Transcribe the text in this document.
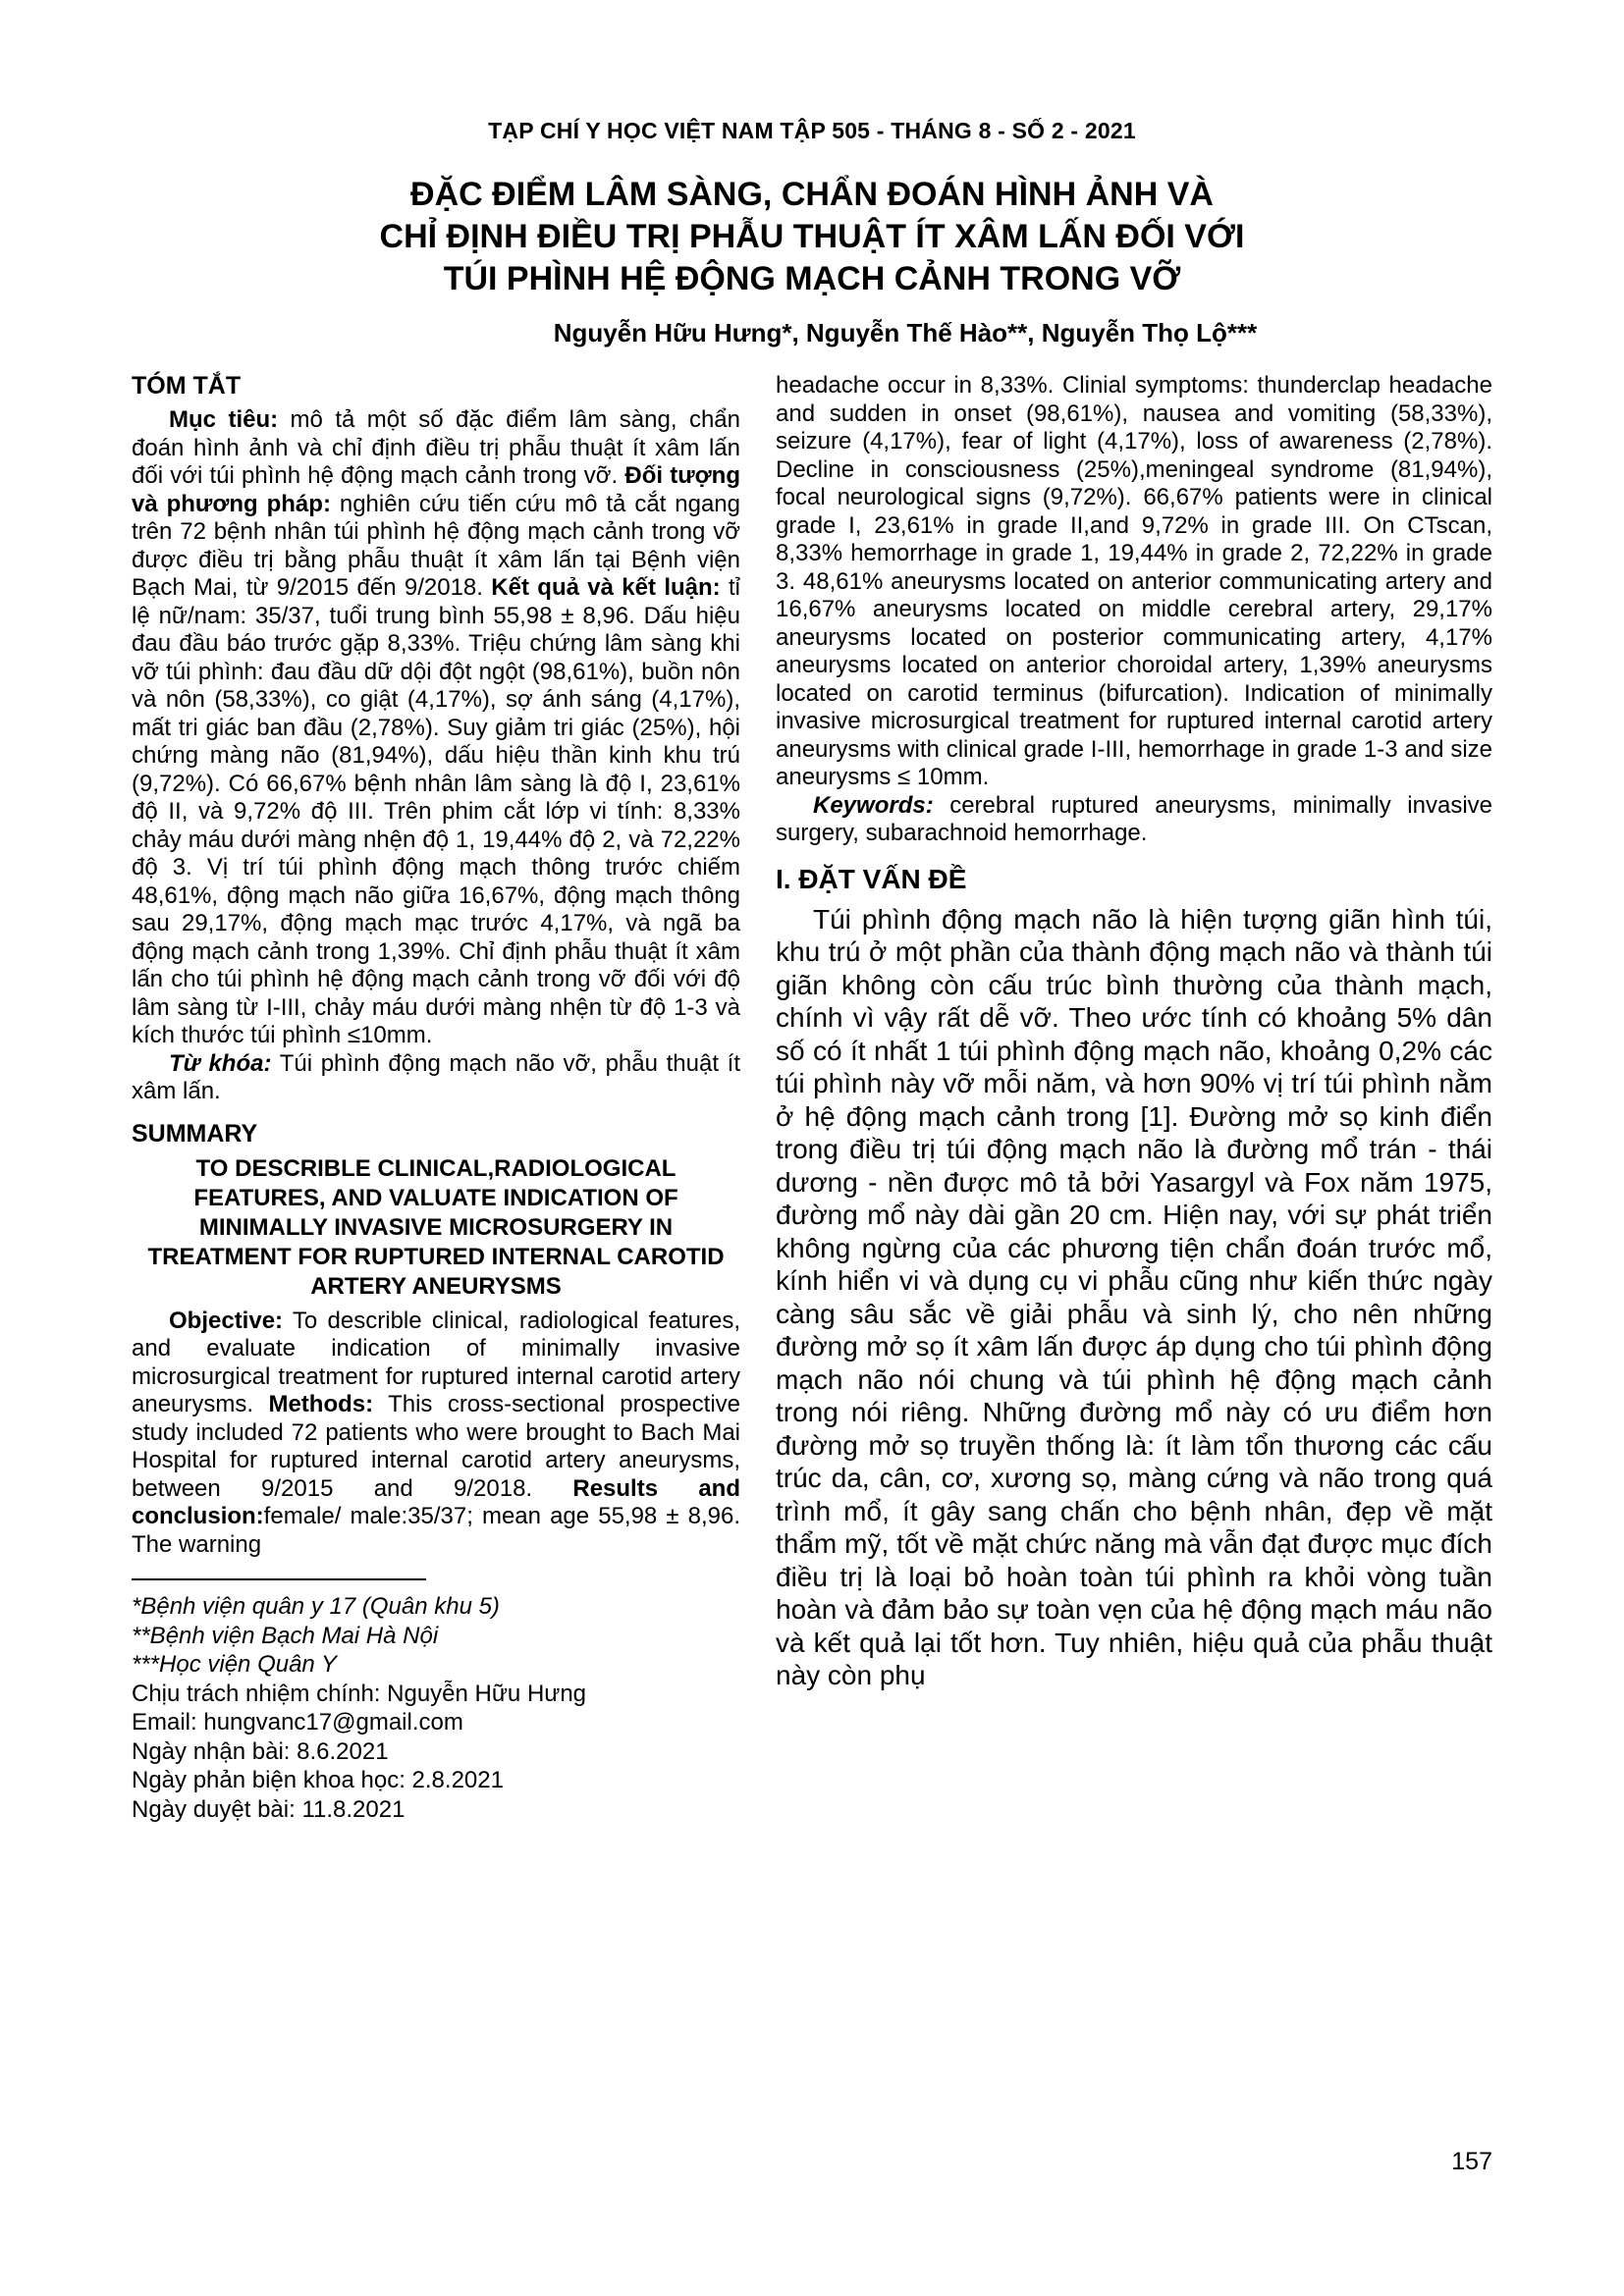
TẠP CHÍ Y HỌC VIỆT NAM TẬP 505 - THÁNG 8 - SỐ 2 - 2021
ĐẶC ĐIỂM LÂM SÀNG, CHẨN ĐOÁN HÌNH ẢNH VÀ
CHỈ ĐỊNH ĐIỀU TRỊ PHẪU THUẬT ÍT XÂM LẤN ĐỐI VỚI
TÚI PHÌNH HỆ ĐỘNG MẠCH CẢNH TRONG VỠ
Nguyễn Hữu Hưng*, Nguyễn Thế Hào**, Nguyễn Thọ Lộ***
TÓM TẮT

Mục tiêu: mô tả một số đặc điểm lâm sàng, chẩn đoán hình ảnh và chỉ định điều trị phẫu thuật ít xâm lấn đối với túi phình hệ động mạch cảnh trong vỡ. Đối tượng và phương pháp: nghiên cứu tiến cứu mô tả cắt ngang trên 72 bệnh nhân túi phình hệ động mạch cảnh trong vỡ được điều trị bằng phẫu thuật ít xâm lấn tại Bệnh viện Bạch Mai, từ 9/2015 đến 9/2018. Kết quả và kết luận: tỉ lệ nữ/nam: 35/37, tuổi trung bình 55,98 ± 8,96. Dấu hiệu đau đầu báo trước gặp 8,33%. Triệu chứng lâm sàng khi vỡ túi phình: đau đầu dữ dội đột ngột (98,61%), buồn nôn và nôn (58,33%), co giật (4,17%), sợ ánh sáng (4,17%), mất tri giác ban đầu (2,78%). Suy giảm tri giác (25%), hội chứng màng não (81,94%), dấu hiệu thần kinh khu trú (9,72%). Có 66,67% bệnh nhân lâm sàng là độ I, 23,61% độ II, và 9,72% độ III. Trên phim cắt lớp vi tính: 8,33% chảy máu dưới màng nhện độ 1, 19,44% độ 2, và 72,22% độ 3. Vị trí túi phình động mạch thông trước chiếm 48,61%, động mạch não giữa 16,67%, động mạch thông sau 29,17%, động mạch mạc trước 4,17%, và ngã ba động mạch cảnh trong 1,39%. Chỉ định phẫu thuật ít xâm lấn cho túi phình hệ động mạch cảnh trong vỡ đối với độ lâm sàng từ I-III, chảy máu dưới màng nhện từ độ 1-3 và kích thước túi phình ≤10mm.

Từ khóa: Túi phình động mạch não vỡ, phẫu thuật ít xâm lấn.

SUMMARY
TO DESCRIBLE CLINICAL,RADIOLOGICAL FEATURES, AND VALUATE INDICATION OF MINIMALLY INVASIVE MICROSURGERY IN TREATMENT FOR RUPTURED INTERNAL CAROTID ARTERY ANEURYSMS

Objective: To describle clinical, radiological features, and evaluate indication of minimally invasive microsurgical treatment for ruptured internal carotid artery aneurysms. Methods: This cross-sectional prospective study included 72 patients who were brought to Bach Mai Hospital for ruptured internal carotid artery aneurysms, between 9/2015 and 9/2018. Results and conclusion:female/ male:35/37; mean age 55,98 ± 8,96. The warning

*Bệnh viện quân y 17 (Quân khu 5)
**Bệnh viện Bạch Mai Hà Nội
***Học viện Quân Y
Chịu trách nhiệm chính: Nguyễn Hữu Hưng
Email: hungvanc17@gmail.com
Ngày nhận bài: 8.6.2021
Ngày phản biện khoa học: 2.8.2021
Ngày duyệt bài: 11.8.2021

headache occur in 8,33%. Clinial symptoms: thunderclap headache and sudden in onset (98,61%), nausea and vomiting (58,33%), seizure (4,17%), fear of light (4,17%), loss of awareness (2,78%). Decline in consciousness (25%),meningeal syndrome (81,94%), focal neurological signs (9,72%). 66,67% patients were in clinical grade I, 23,61% in grade II,and 9,72% in grade III. On CTscan, 8,33% hemorrhage in grade 1, 19,44% in grade 2, 72,22% in grade 3. 48,61% aneurysms located on anterior communicating artery and 16,67% aneurysms located on middle cerebral artery, 29,17% aneurysms located on posterior communicating artery, 4,17% aneurysms located on anterior choroidal artery, 1,39% aneurysms located on carotid terminus (bifurcation). Indication of minimally invasive microsurgical treatment for ruptured internal carotid artery aneurysms with clinical grade I-III, hemorrhage in grade 1-3 and size aneurysms ≤ 10mm.

Keywords: cerebral ruptured aneurysms, minimally invasive surgery, subarachnoid hemorrhage.

I. ĐẶT VẤN ĐỀ

Túi phình động mạch não là hiện tượng giãn hình túi, khu trú ở một phần của thành động mạch não và thành túi giãn không còn cấu trúc bình thường của thành mạch, chính vì vậy rất dễ vỡ. Theo ước tính có khoảng 5% dân số có ít nhất 1 túi phình động mạch não, khoảng 0,2% các túi phình này vỡ mỗi năm, và hơn 90% vị trí túi phình nằm ở hệ động mạch cảnh trong [1]. Đường mở sọ kinh điển trong điều trị túi động mạch não là đường mổ trán - thái dương - nền được mô tả bởi Yasargyl và Fox năm 1975, đường mổ này dài gần 20 cm. Hiện nay, với sự phát triển không ngừng của các phương tiện chẩn đoán trước mổ, kính hiển vi và dụng cụ vi phẫu cũng như kiến thức ngày càng sâu sắc về giải phẫu và sinh lý, cho nên những đường mở sọ ít xâm lấn được áp dụng cho túi phình động mạch não nói chung và túi phình hệ động mạch cảnh trong nói riêng. Những đường mổ này có ưu điểm hơn đường mở sọ truyền thống là: ít làm tổn thương các cấu trúc da, cân, cơ, xương sọ, màng cứng và não trong quá trình mổ, ít gây sang chấn cho bệnh nhân, đẹp về mặt thẩm mỹ, tốt về mặt chức năng mà vẫn đạt được mục đích điều trị là loại bỏ hoàn toàn túi phình ra khỏi vòng tuần hoàn và đảm bảo sự toàn vẹn của hệ động mạch máu não và kết quả lại tốt hơn. Tuy nhiên, hiệu quả của phẫu thuật này còn phụ

157
